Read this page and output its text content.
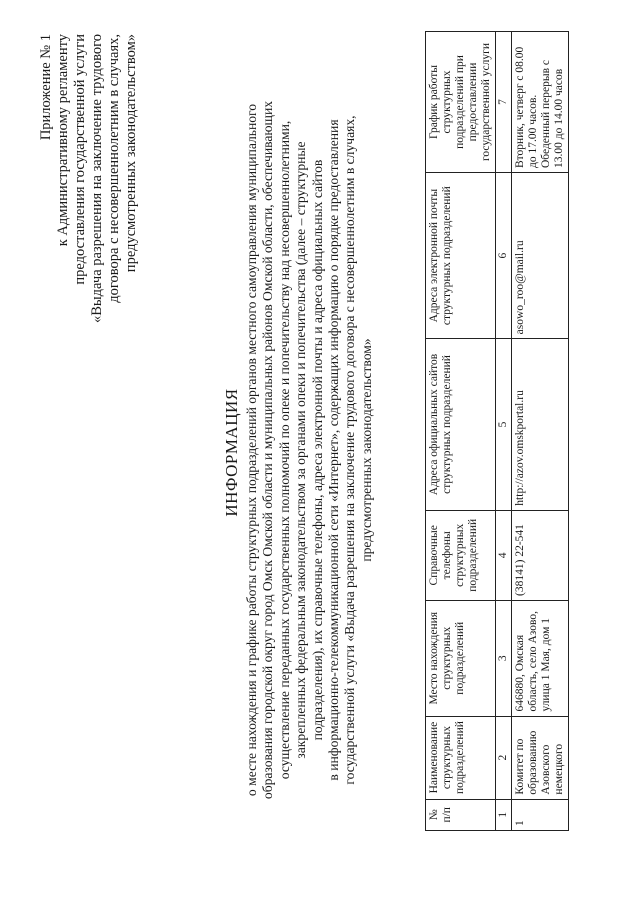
Приложение № 1 к Административному регламенту предоставления государственной услуги «Выдача разрешения на заключение трудового договора с несовершеннолетним в случаях, предусмотренных законодательством»
ИНФОРМАЦИЯ о месте нахождения и графике работы структурных подразделений органов местного самоуправления муниципального образования городской округ город Омск Омской области и муниципальных районов Омской области, обеспечивающих осуществление переданных государственных полномочий по опеке и попечительству над несовершеннолетними, закрепленных федеральным законодательством за органами опеки и попечительства (далее – структурные подразделения), их справочные телефоны, адреса электронной почты и адреса официальных сайтов в информационно-телекоммуникационной сети «Интернет», содержащих информацию о порядке предоставления государственной услуги «Выдача разрешения на заключение трудового договора с несовершеннолетним в случаях, предусмотренных законодательством»
№ п/п	Наименование структурных подразделений	Место нахождения структурных подразделений	Справочные телефоны структурных подразделений	Адреса официальных сайтов структурных подразделений	Адреса электронной почты структурных подразделений	График работы структурных подразделений при предоставлении государственной услуги
1	2	3	4	5	6	7
1	Комитет по образованию Азовского немецкого	646880, Омская область, село Азово, улица 1 Мая, дом 1	(38141) 22-541	http://azov.omskportal.ru	asowo_roo@mail.ru	Вторник, четверг с 08.00 до 17.00 часов. Обеденный перерыв с 13.00 до 14.00 часов
